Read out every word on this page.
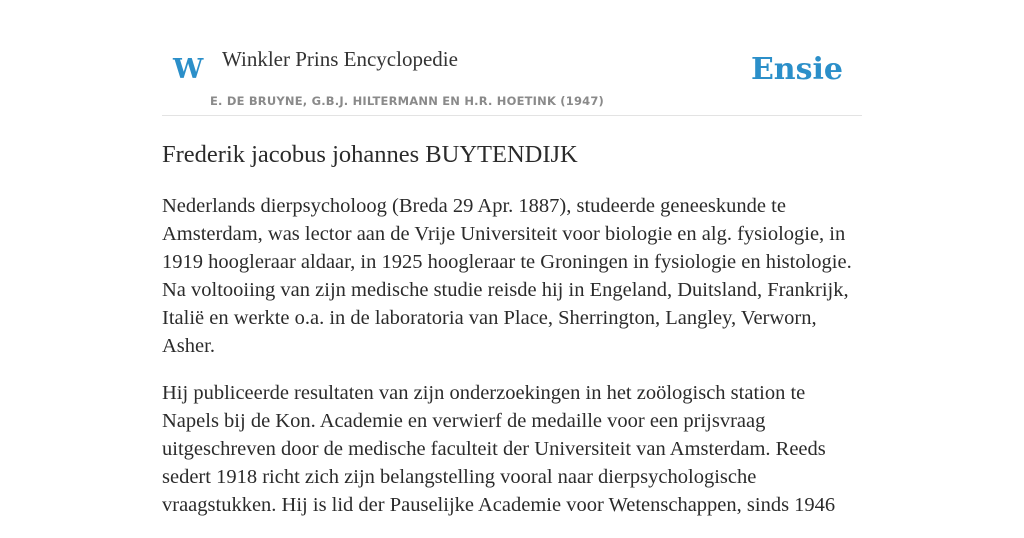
W Winkler Prins Encyclopedie
E. DE BRUYNE, G.B.J. HILTERMANN EN H.R. HOETINK (1947)
Ensie
Frederik jacobus johannes BUYTENDIJK

Nederlands dierpsycholoog (Breda 29 Apr. 1887), studeerde geneeskunde te Amsterdam, was lector aan de Vrije Universiteit voor biologie en alg. fysiologie, in 1919 hoogleraar aldaar, in 1925 hoogleraar te Groningen in fysiologie en histologie. Na voltooiing van zijn medische studie reisde hij in Engeland, Duitsland, Frankrijk, Italië en werkte o.a. in de laboratoria van Place, Sherrington, Langley, Verworn, Asher.

Hij publiceerde resultaten van zijn onderzoekingen in het zoölogisch station te Napels bij de Kon. Academie en verwierf de medaille voor een prijsvraag uitgeschreven door de medische faculteit der Universiteit van Amsterdam. Reeds sedert 1918 richt zich zijn belangstelling vooral naar dierpsychologische vraagstukken. Hij is lid der Pauselijke Academie voor Wetenschappen, sinds 1946
